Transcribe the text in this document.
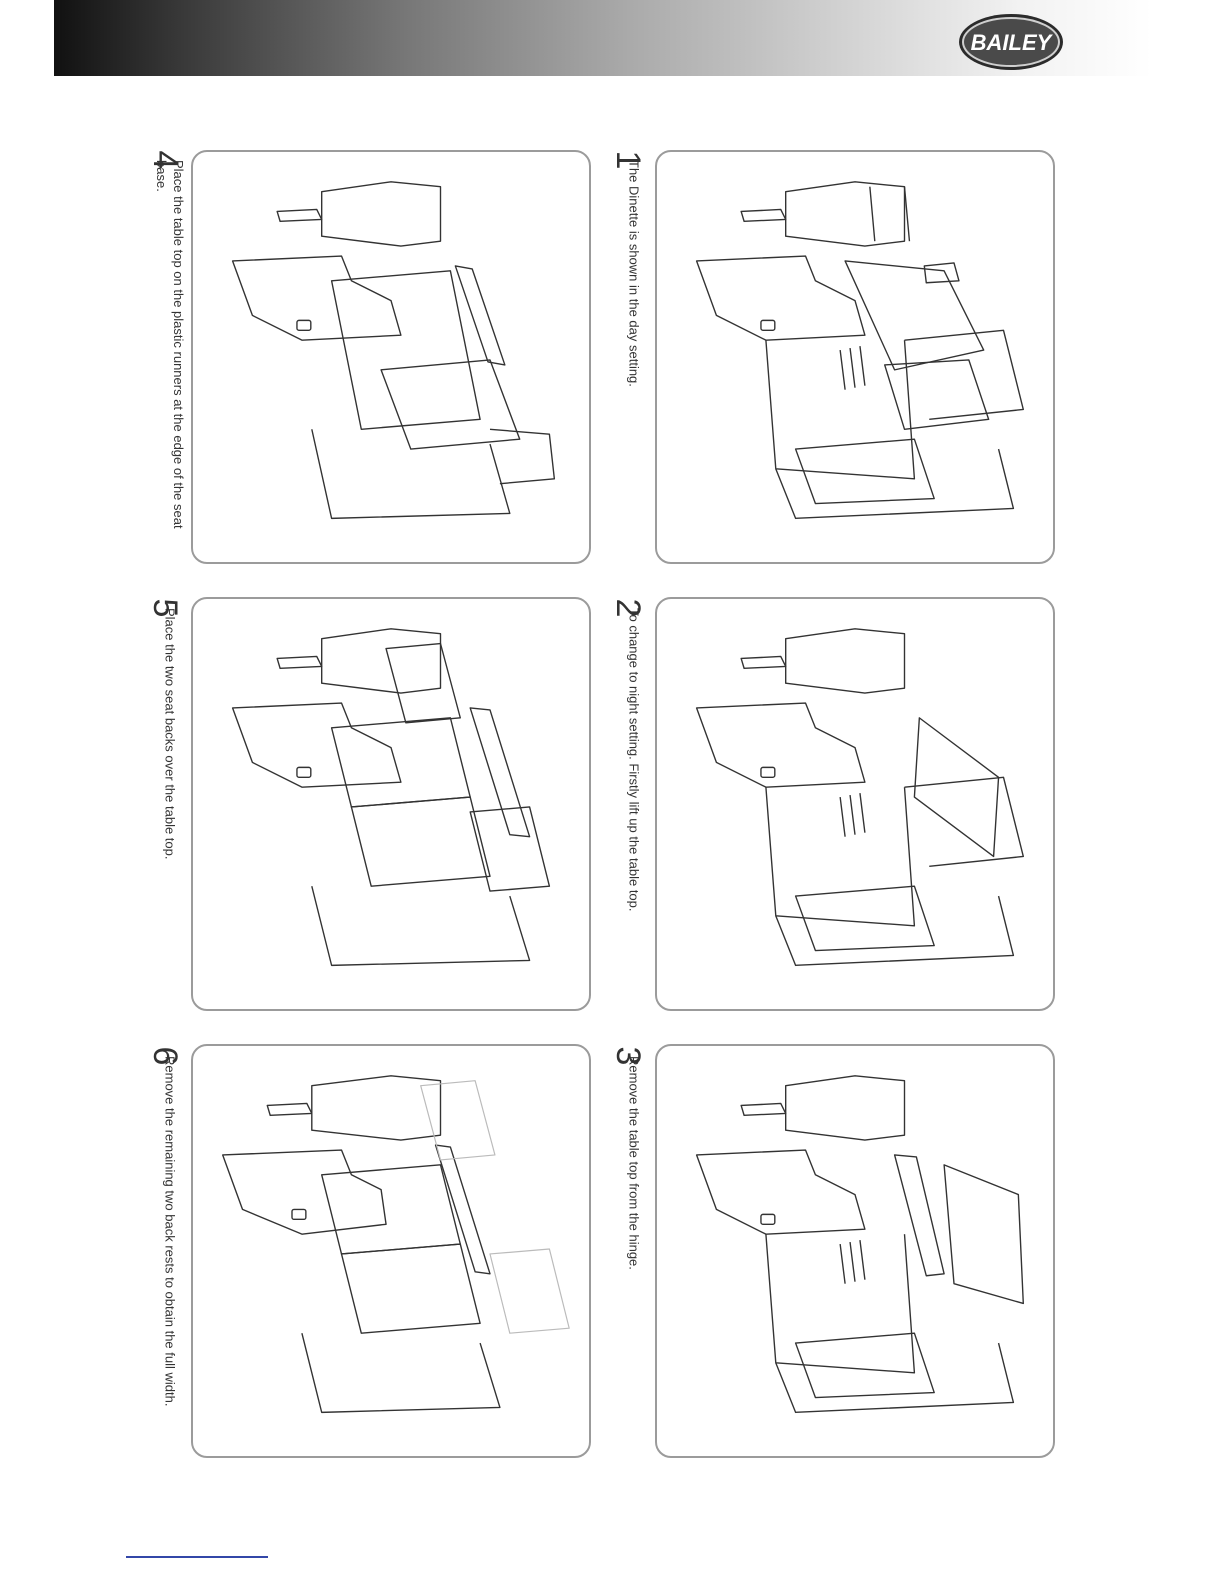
BAILEY
1
The Dinette is shown in the day setting.
2
To change to night setting. Firstly lift up the table top.
3
Remove the table top from the hinge.
4
Place the table top on the plastic runners at the edge of the seat base.
5
Place the two seat backs over the table top.
6
Remove the remaining two back rests to obtain the full width.
